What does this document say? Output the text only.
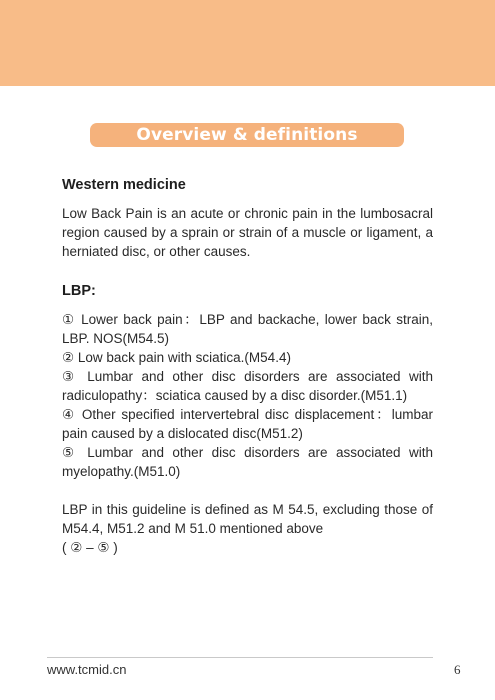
Overview & definitions
Western medicine

Low Back Pain is an acute or chronic pain in the lumbosacral region caused by a sprain or strain of a muscle or ligament, a herniated disc, or other causes.

LBP:
① Lower back pain：LBP and backache, lower back strain, LBP. NOS(M54.5)
② Low back pain with sciatica.(M54.4)
③ Lumbar and other disc disorders are associated with radiculopathy：sciatica caused by a disc disorder.(M51.1)
④ Other specified intervertebral disc displacement：lumbar pain caused by a dislocated disc(M51.2)
⑤ Lumbar and other disc disorders are associated with myelopathy.(M51.0)

LBP in this guideline is defined as M 54.5, excluding those of M54.4, M51.2 and M 51.0 mentioned above

( ② – ⑤ )
www.tcmid.cn	6
